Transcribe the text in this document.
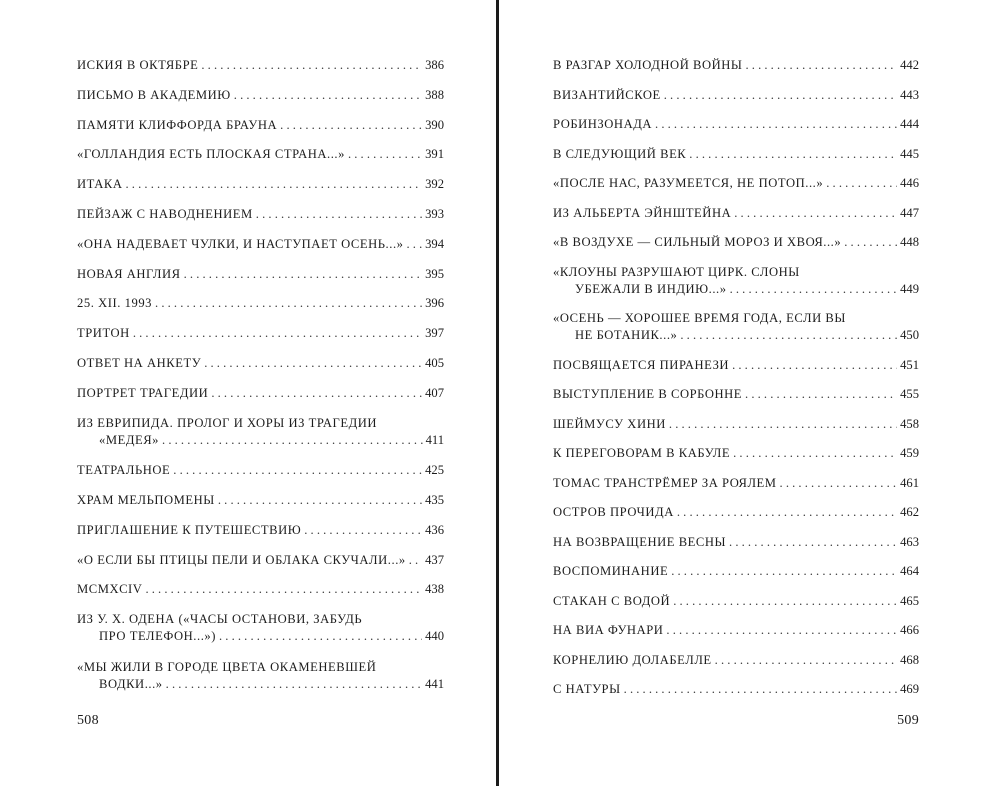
ИСКИЯ В ОКТЯБРЕ . . .	386
ПИСЬМО В АКАДЕМИЮ . . .	388
ПАМЯТИ КЛИФФОРДА БРАУНА . . .	390
«ГОЛЛАНДИЯ ЕСТЬ ПЛОСКАЯ СТРАНА...» . . .	391
ИТАКА . . .	392
ПЕЙЗАЖ С НАВОДНЕНИЕМ . . .	393
«ОНА НАДЕВАЕТ ЧУЛКИ, И НАСТУПАЕТ ОСЕНЬ...» . . . 394
НОВАЯ АНГЛИЯ . . .	395
25. XII. 1993 . . .	396
ТРИТОН . . .	397
ОТВЕТ НА АНКЕТУ . . .	405
ПОРТРЕТ ТРАГЕДИИ . . .	407
ИЗ ЕВРИПИДА. ПРОЛОГ И ХОРЫ ИЗ ТРАГЕДИИ
«МЕДЕЯ» . . .	411
ТЕАТРАЛЬНОЕ . . .	425
ХРАМ МЕЛЬПОМЕНЫ . . .	435
ПРИГЛАШЕНИЕ К ПУТЕШЕСТВИЮ . . .	436
«О ЕСЛИ БЫ ПТИЦЫ ПЕЛИ И ОБЛАКА СКУЧАЛИ...» . . . 437
MCMXCIV . . .	438
ИЗ У. Х. ОДЕНА («ЧАСЫ ОСТАНОВИ, ЗАБУДЬ
ПРО ТЕЛЕФОН...») . . .	440
«МЫ ЖИЛИ В ГОРОДЕ ЦВЕТА ОКАМЕНЕВШЕЙ
ВОДКИ...» . . .	441
508
В РАЗГАР ХОЛОДНОЙ ВОЙНЫ . . .	442
ВИЗАНТИЙСКОЕ . . .	443
РОБИНЗОНАДА . . .	444
В СЛЕДУЮЩИЙ ВЕК . . .	445
«ПОСЛЕ НАС, РАЗУМЕЕТСЯ, НЕ ПОТОП...» . . .	446
ИЗ АЛЬБЕРТА ЭЙНШТЕЙНА . . .	447
«В ВОЗДУХЕ — СИЛЬНЫЙ МОРОЗ И ХВОЯ...» . . .	448
«КЛОУНЫ РАЗРУШАЮТ ЦИРК. СЛОНЫ
УБЕЖАЛИ В ИНДИЮ...» . . .	449
«ОСЕНЬ — ХОРОШЕЕ ВРЕМЯ ГОДА, ЕСЛИ ВЫ
НЕ БОТАНИК...» . . .	450
ПОСВЯЩАЕТСЯ ПИРАНЕЗИ . . .	451
ВЫСТУПЛЕНИЕ В СОРБОННЕ . . .	455
ШЕЙМУСУ ХИНИ . . .	458
К ПЕРЕГОВОРАМ В КАБУЛЕ . . .	459
ТОМАС ТРАНСТРЁМЕР ЗА РОЯЛЕМ . . .	461
ОСТРОВ ПРОЧИДА . . .	462
НА ВОЗВРАЩЕНИЕ ВЕСНЫ . . .	463
ВОСПОМИНАНИЕ . . .	464
СТАКАН С ВОДОЙ . . .	465
НА ВИА ФУНАРИ . . .	466
КОРНЕЛИЮ ДОЛАБЕЛЛЕ . . .	468
С НАТУРЫ . . .	469
509
